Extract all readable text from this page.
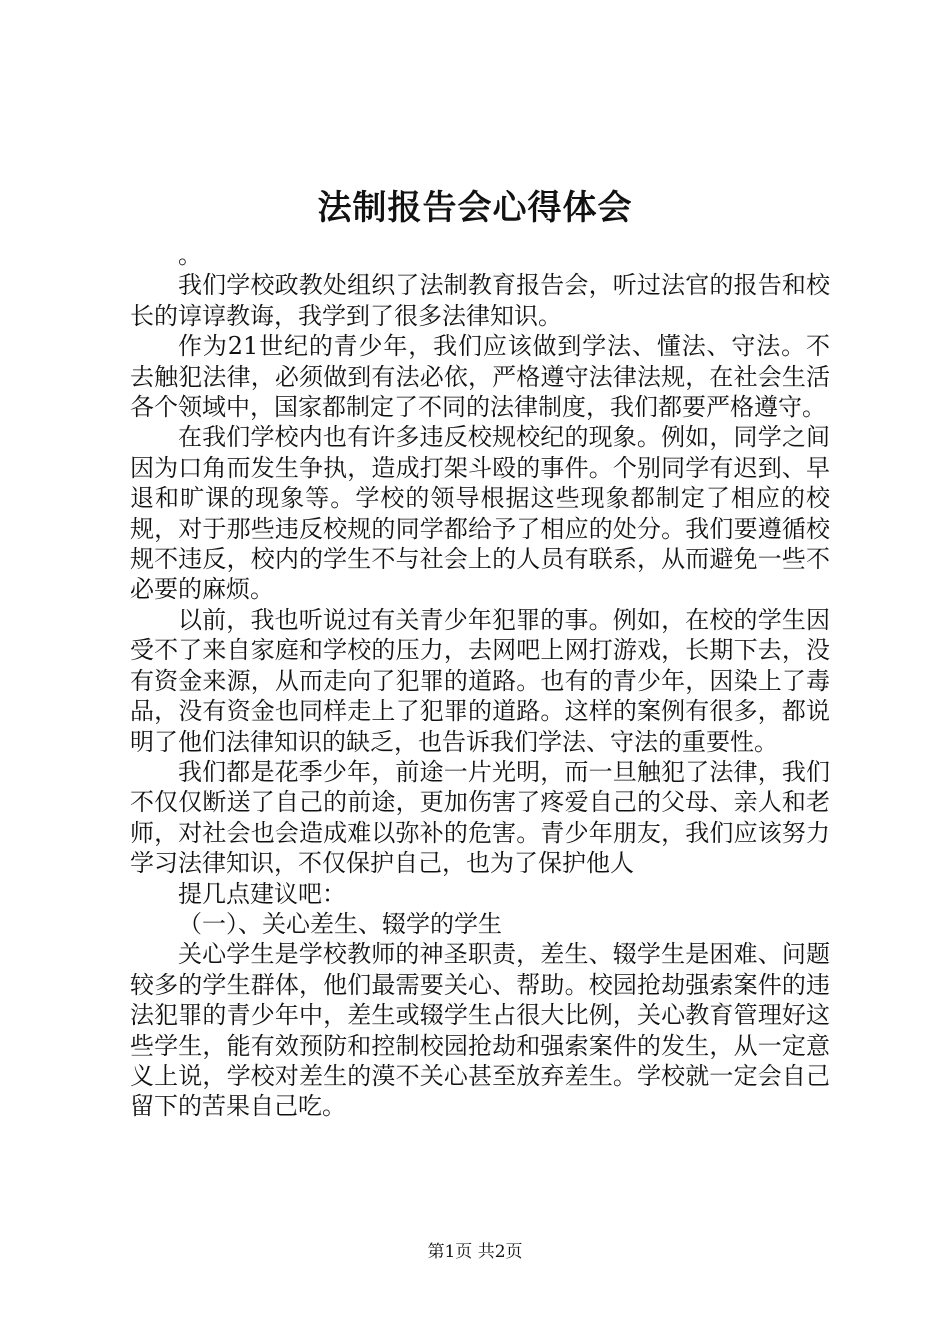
法制报告会心得体会

。

我们学校政教处组织了法制教育报告会，听过法官的报告和校长的谆谆教诲，我学到了很多法律知识。

作为21世纪的青少年，我们应该做到学法、懂法、守法。不去触犯法律，必须做到有法必依，严格遵守法律法规，在社会生活各个领域中，国家都制定了不同的法律制度，我们都要严格遵守。

在我们学校内也有许多违反校规校纪的现象。例如，同学之间因为口角而发生争执，造成打架斗殴的事件。个别同学有迟到、早退和旷课的现象等。学校的领导根据这些现象都制定了相应的校规，对于那些违反校规的同学都给予了相应的处分。我们要遵循校规不违反，校内的学生不与社会上的人员有联系，从而避免一些不必要的麻烦。

以前，我也听说过有关青少年犯罪的事。例如，在校的学生因受不了来自家庭和学校的压力，去网吧上网打游戏，长期下去，没有资金来源，从而走向了犯罪的道路。也有的青少年，因染上了毒品，没有资金也同样走上了犯罪的道路。这样的案例有很多，都说明了他们法律知识的缺乏，也告诉我们学法、守法的重要性。

我们都是花季少年，前途一片光明，而一旦触犯了法律，我们不仅仅断送了自己的前途，更加伤害了疼爱自己的父母、亲人和老师，对社会也会造成难以弥补的危害。青少年朋友，我们应该努力学习法律知识，不仅保护自己，也为了保护他人

提几点建议吧：

（一）、关心差生、辍学的学生

关心学生是学校教师的神圣职责，差生、辍学生是困难、问题较多的学生群体，他们最需要关心、帮助。校园抢劫强索案件的违法犯罪的青少年中，差生或辍学生占很大比例，关心教育管理好这些学生，能有效预防和控制校园抢劫和强索案件的发生，从一定意义上说，学校对差生的漠不关心甚至放弃差生。学校就一定会自己留下的苦果自己吃。

第1页 共2页
